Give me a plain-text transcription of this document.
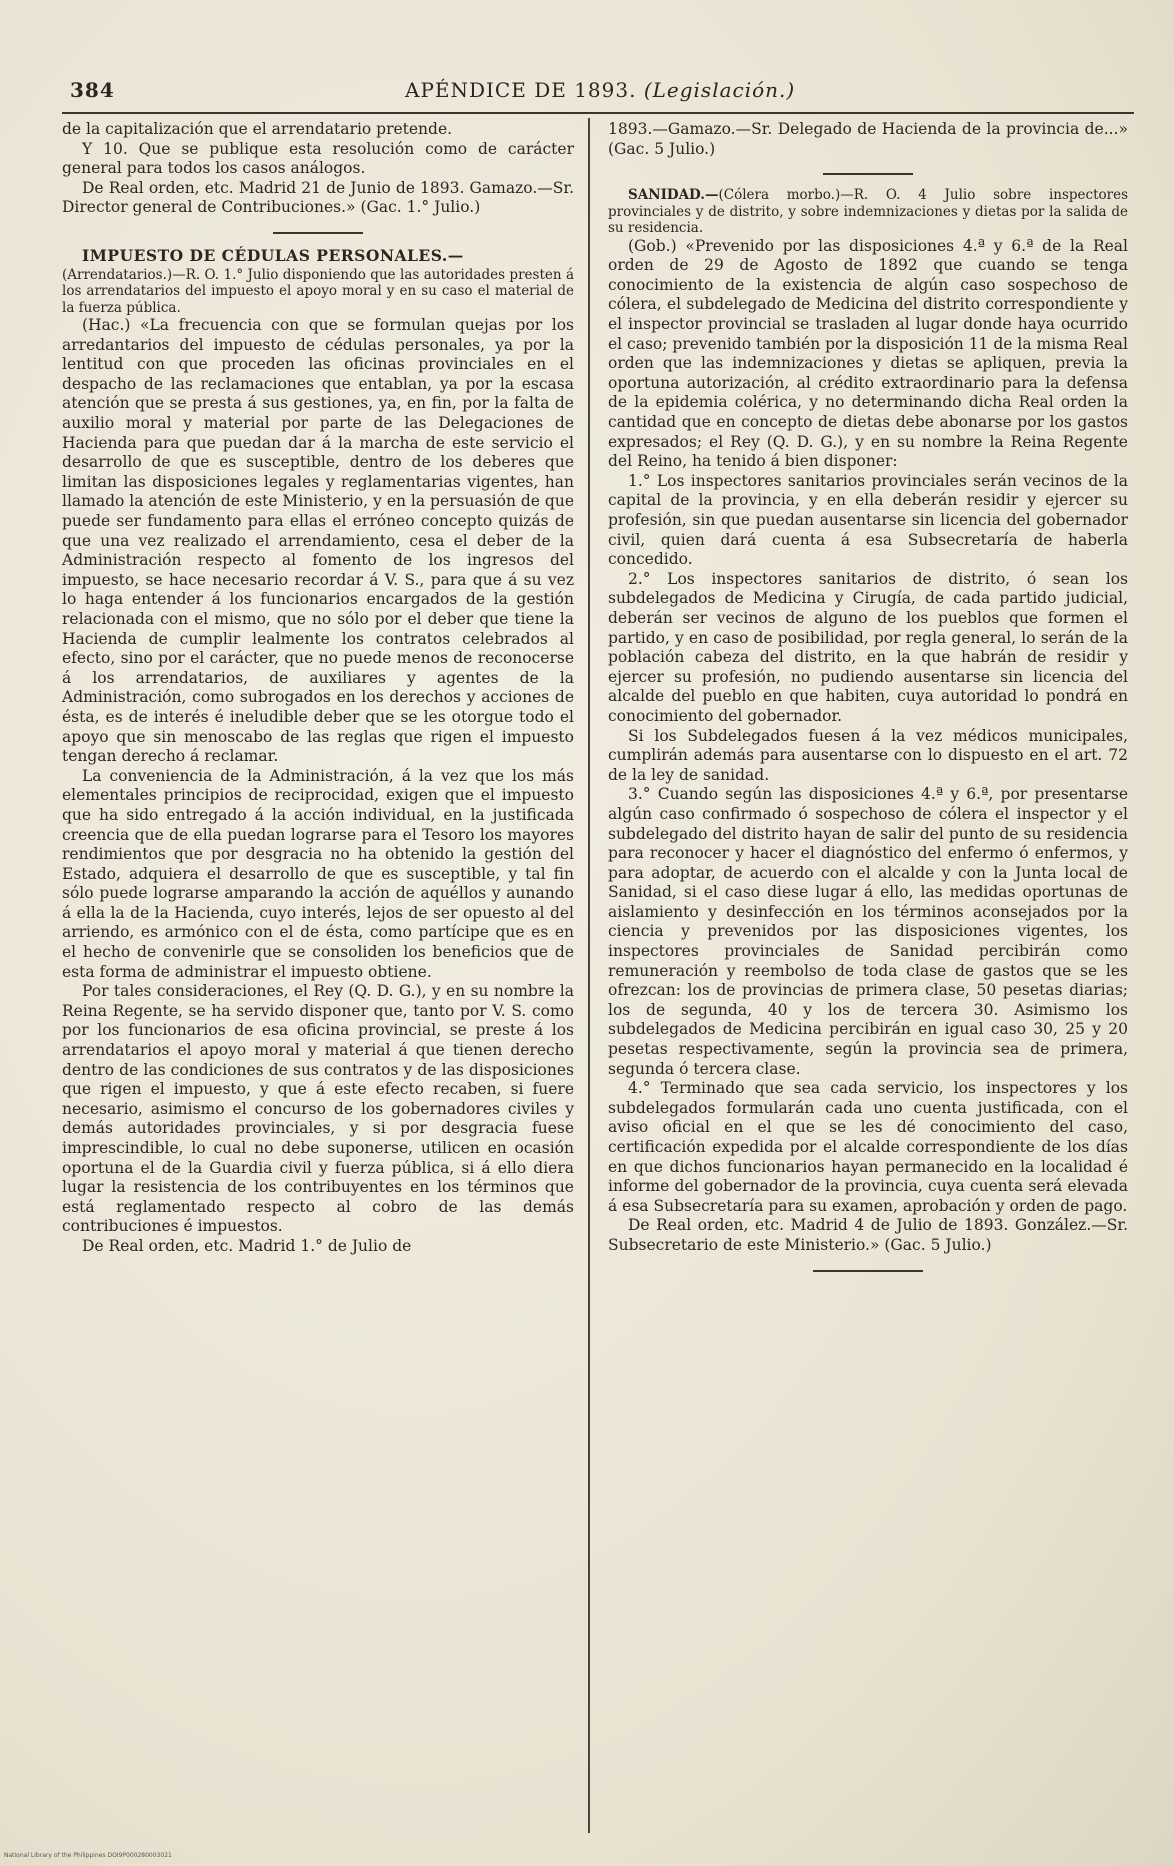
384	APÉNDICE DE 1893. (Legislación.)

de la capitalización que el arrendatario pretende.

Y 10. Que se publique esta resolución como de carácter general para todos los casos análogos.

De Real orden, etc. Madrid 21 de Junio de 1893. Gamazo.—Sr. Director general de Contribuciones.» (Gac. 1.° Julio.)

IMPUESTO DE CÉDULAS PERSONALES.—

(Arrendatarios.)—R. O. 1.° Julio disponiendo que las autoridades presten á los arrendatarios del impuesto el apoyo moral y en su caso el material de la fuerza pública.

(Hac.) «La frecuencia con que se formulan quejas por los arredantarios del impuesto de cédulas personales, ya por la lentitud con que proceden las oficinas provinciales en el despacho de las reclamaciones que entablan, ya por la escasa atención que se presta á sus gestiones, ya, en fin, por la falta de auxilio moral y material por parte de las Delegaciones de Hacienda para que puedan dar á la marcha de este servicio el desarrollo de que es susceptible, dentro de los deberes que limitan las disposiciones legales y reglamentarias vigentes, han llamado la atención de este Ministerio, y en la persuasión de que puede ser fundamento para ellas el erróneo concepto quizás de que una vez realizado el arrendamiento, cesa el deber de la Administración respecto al fomento de los ingresos del impuesto, se hace necesario recordar á V. S., para que á su vez lo haga entender á los funcionarios encargados de la gestión relacionada con el mismo, que no sólo por el deber que tiene la Hacienda de cumplir lealmente los contratos celebrados al efecto, sino por el carácter, que no puede menos de reconocerse á los arrendatarios, de auxiliares y agentes de la Administración, como subrogados en los derechos y acciones de ésta, es de interés é ineludible deber que se les otorgue todo el apoyo que sin menoscabo de las reglas que rigen el impuesto tengan derecho á reclamar.

La conveniencia de la Administración, á la vez que los más elementales principios de reciprocidad, exigen que el impuesto que ha sido entregado á la acción individual, en la justificada creencia que de ella puedan lograrse para el Tesoro los mayores rendimientos que por desgracia no ha obtenido la gestión del Estado, adquiera el desarrollo de que es susceptible, y tal fin sólo puede lograrse amparando la acción de aquéllos y aunando á ella la de la Hacienda, cuyo interés, lejos de ser opuesto al del arriendo, es armónico con el de ésta, como partícipe que es en el hecho de convenirle que se consoliden los beneficios que de esta forma de administrar el impuesto obtiene.

Por tales consideraciones, el Rey (Q. D. G.), y en su nombre la Reina Regente, se ha servido disponer que, tanto por V. S. como por los funcionarios de esa oficina provincial, se preste á los arrendatarios el apoyo moral y material á que tienen derecho dentro de las condiciones de sus contratos y de las disposiciones que rigen el impuesto, y que á este efecto recaben, si fuere necesario, asimismo el concurso de los gobernadores civiles y demás autoridades provinciales, y si por desgracia fuese imprescindible, lo cual no debe suponerse, utilicen en ocasión oportuna el de la Guardia civil y fuerza pública, si á ello diera lugar la resistencia de los contribuyentes en los términos que está reglamentado respecto al cobro de las demás contribuciones é impuestos.

De Real orden, etc. Madrid 1.° de Julio de

1893.—Gamazo.—Sr. Delegado de Hacienda de la provincia de...» (Gac. 5 Julio.)

SANIDAD.—(Cólera morbo.)—R. O. 4 Julio sobre inspectores provinciales y de distrito, y sobre indemnizaciones y dietas por la salida de su residencia.

(Gob.) «Prevenido por las disposiciones 4.ª y 6.ª de la Real orden de 29 de Agosto de 1892 que cuando se tenga conocimiento de la existencia de algún caso sospechoso de cólera, el subdelegado de Medicina del distrito correspondiente y el inspector provincial se trasladen al lugar donde haya ocurrido el caso; prevenido también por la disposición 11 de la misma Real orden que las indemnizaciones y dietas se apliquen, previa la oportuna autorización, al crédito extraordinario para la defensa de la epidemia colérica, y no determinando dicha Real orden la cantidad que en concepto de dietas debe abonarse por los gastos expresados; el Rey (Q. D. G.), y en su nombre la Reina Regente del Reino, ha tenido á bien disponer:

1.° Los inspectores sanitarios provinciales serán vecinos de la capital de la provincia, y en ella deberán residir y ejercer su profesión, sin que puedan ausentarse sin licencia del gobernador civil, quien dará cuenta á esa Subsecretaría de haberla concedido.

2.° Los inspectores sanitarios de distrito, ó sean los subdelegados de Medicina y Cirugía, de cada partido judicial, deberán ser vecinos de alguno de los pueblos que formen el partido, y en caso de posibilidad, por regla general, lo serán de la población cabeza del distrito, en la que habrán de residir y ejercer su profesión, no pudiendo ausentarse sin licencia del alcalde del pueblo en que habiten, cuya autoridad lo pondrá en conocimiento del gobernador.

Si los Subdelegados fuesen á la vez médicos municipales, cumplirán además para ausentarse con lo dispuesto en el art. 72 de la ley de sanidad.

3.° Cuando según las disposiciones 4.ª y 6.ª, por presentarse algún caso confirmado ó sospechoso de cólera el inspector y el subdelegado del distrito hayan de salir del punto de su residencia para reconocer y hacer el diagnóstico del enfermo ó enfermos, y para adoptar, de acuerdo con el alcalde y con la Junta local de Sanidad, si el caso diese lugar á ello, las medidas oportunas de aislamiento y desinfección en los términos aconsejados por la ciencia y prevenidos por las disposiciones vigentes, los inspectores provinciales de Sanidad percibirán como remuneración y reembolso de toda clase de gastos que se les ofrezcan: los de provincias de primera clase, 50 pesetas diarias; los de segunda, 40 y los de tercera 30. Asimismo los subdelegados de Medicina percibirán en igual caso 30, 25 y 20 pesetas respectivamente, según la provincia sea de primera, segunda ó tercera clase.

4.° Terminado que sea cada servicio, los inspectores y los subdelegados formularán cada uno cuenta justificada, con el aviso oficial en el que se les dé conocimiento del caso, certificación expedida por el alcalde correspondiente de los días en que dichos funcionarios hayan permanecido en la localidad é informe del gobernador de la provincia, cuya cuenta será elevada á esa Subsecretaría para su examen, aprobación y orden de pago.

De Real orden, etc. Madrid 4 de Julio de 1893. González.—Sr. Subsecretario de este Ministerio.» (Gac. 5 Julio.)

National Library of the Philippines DOI9P000280003021
